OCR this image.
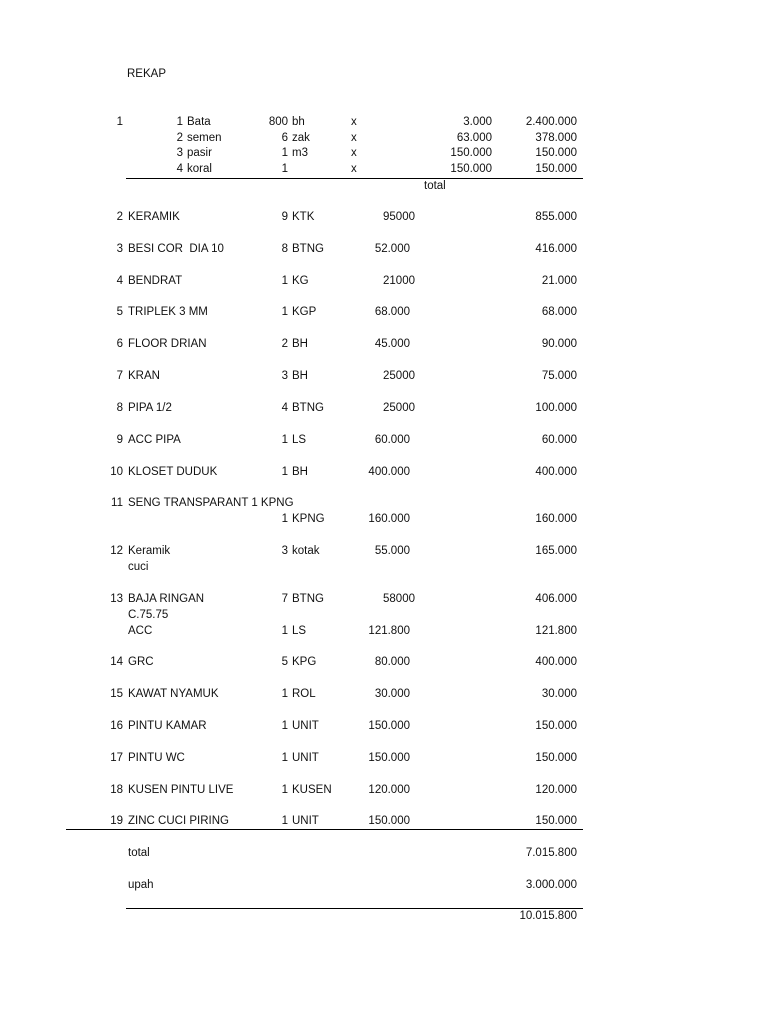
REKAP
1	1 Bata	800 bh	x	3.000	2.400.000
2 semen	6 zak	x	63.000	378.000
3 pasir	1 m3	x	150.000	150.000
4 koral	1	x	150.000	150.000
total
2 KERAMIK	9 KTK	95000	855.000
3 BESI COR  DIA 10	8 BTNG	52.000	416.000
4 BENDRAT	1 KG	21000	21.000
5 TRIPLEK 3 MM	1 KGP	68.000	68.000
6 FLOOR DRIAN	2 BH	45.000	90.000
7 KRAN	3 BH	25000	75.000
8 PIPA 1/2	4 BTNG	25000	100.000
9 ACC PIPA	1 LS	60.000	60.000
10 KLOSET DUDUK	1 BH	400.000	400.000
11 SENG TRANSPARANT 1 KPNG
1 KPNG	160.000	160.000
12 Keramik
cuci
3 kotak	55.000	165.000
13 BAJA RINGAN
C.75.75
7 BTNG	58000	406.000
ACC	1 LS	121.800	121.800
14 GRC	5 KPG	80.000	400.000
15 KAWAT NYAMUK	1 ROL	30.000	30.000
16 PINTU KAMAR	1 UNIT	150.000	150.000
17 PINTU WC	1 UNIT	150.000	150.000
18 KUSEN PINTU LIVE	1 KUSEN	120.000	120.000
19 ZINC CUCI PIRING	1 UNIT	150.000	150.000
total	7.015.800
upah	3.000.000
10.015.800
